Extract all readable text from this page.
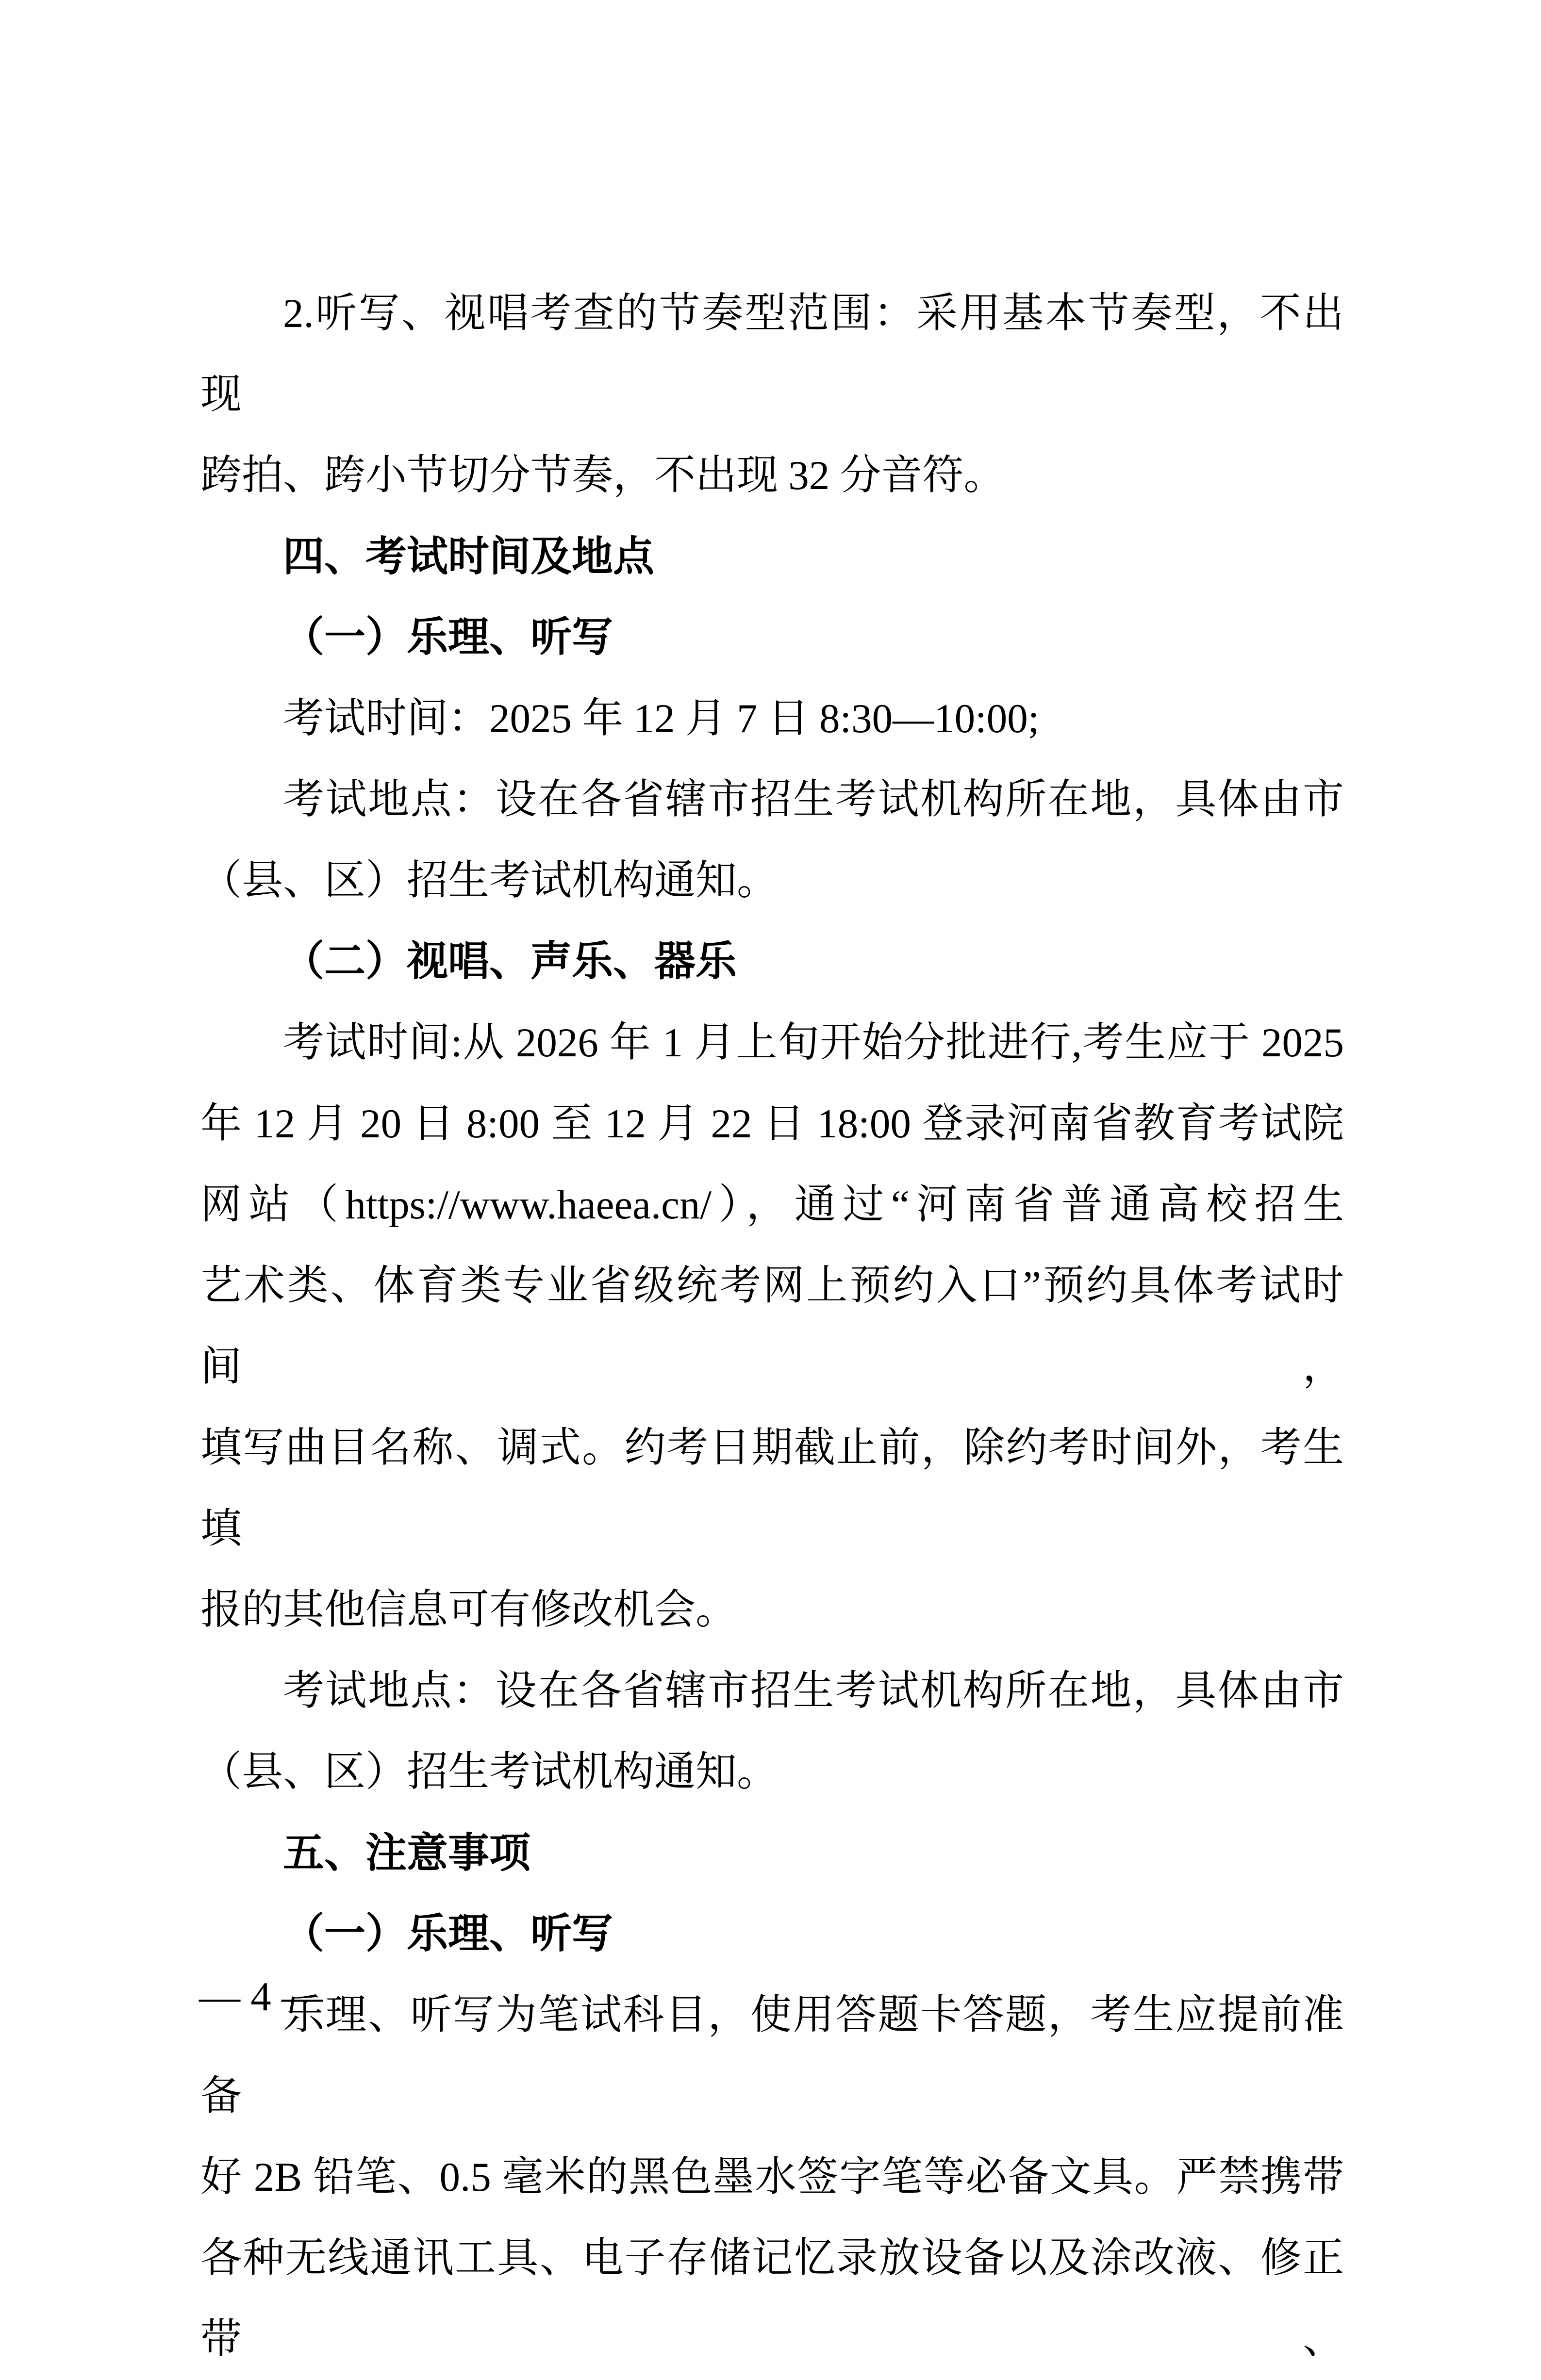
2.听写、视唱考查的节奏型范围：采用基本节奏型，不出现
跨拍、跨小节切分节奏，不出现 32 分音符。
四、考试时间及地点
（一）乐理、听写
考试时间：2025 年 12 月 7 日 8:30—10:00;
考试地点：设在各省辖市招生考试机构所在地，具体由市
（县、区）招生考试机构通知。
（二）视唱、声乐、器乐
考试时间:从 2026 年 1 月上旬开始分批进行,考生应于 2025
年 12 月 20 日 8:00 至 12 月 22 日 18:00 登录河南省教育考试院
网站（https://www.haeea.cn/），通过“河南省普通高校招生
艺术类、体育类专业省级统考网上预约入口”预约具体考试时间，
填写曲目名称、调式。约考日期截止前，除约考时间外，考生填
报的其他信息可有修改机会。
考试地点：设在各省辖市招生考试机构所在地，具体由市
（县、区）招生考试机构通知。
五、注意事项
（一）乐理、听写
乐理、听写为笔试科目，使用答题卡答题，考生应提前准备
好 2B 铅笔、0.5 毫米的黑色墨水签字笔等必备文具。严禁携带
各种无线通讯工具、电子存储记忆录放设备以及涂改液、修正带、
— 4 —
